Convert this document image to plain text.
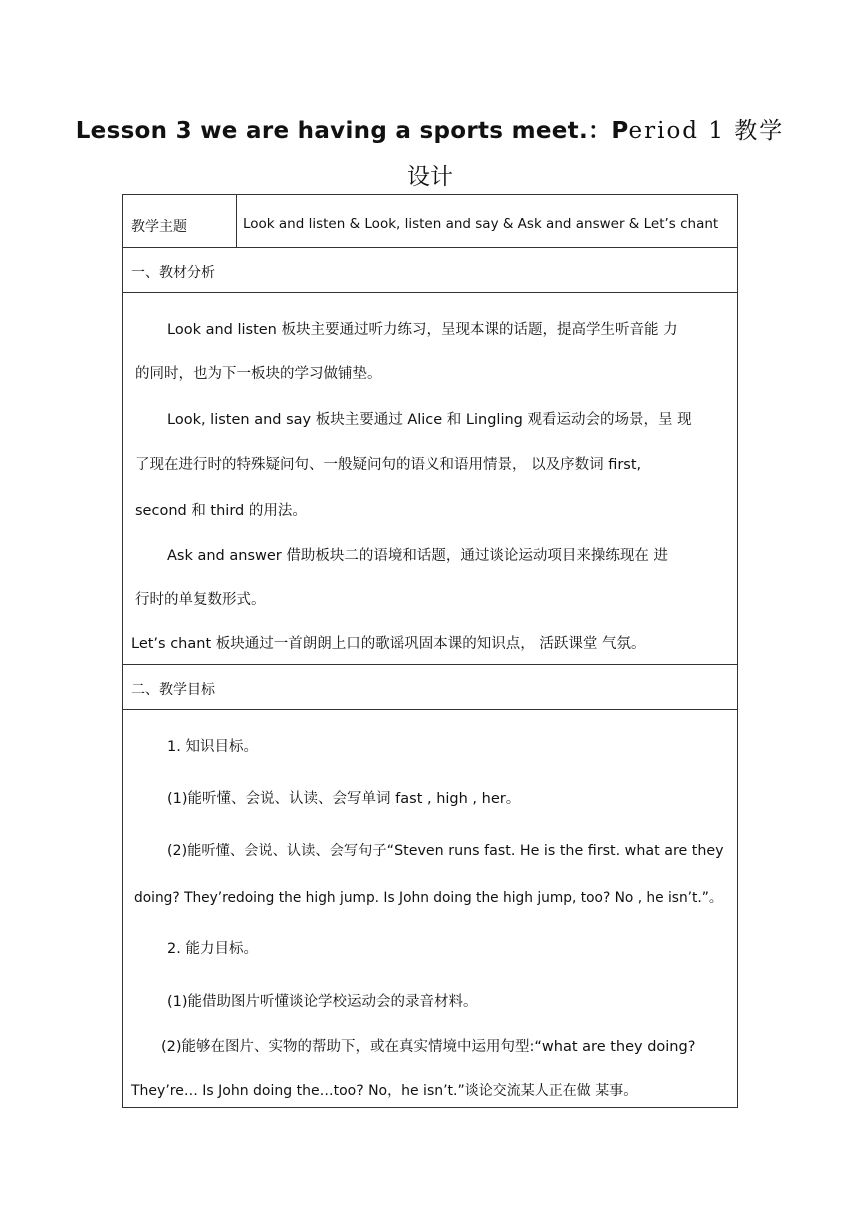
Lesson 3 we are having a sports meet.：Period 1 教学
设计
教学主题	Look and listen & Look, listen and say & Ask and answer & Let’s chant
一、教材分析
Look and listen 板块主要通过听力练习，呈现本课的话题，提高学生听音能 力
的同时，也为下一板块的学习做铺垫。
Look, listen and say 板块主要通过 Alice 和 Lingling 观看运动会的场景，呈 现
了现在进行时的特殊疑问句、一般疑问句的语义和语用情景， 以及序数词 first,
second 和 third 的用法。
Ask and answer 借助板块二的语境和话题，通过谈论运动项目来操练现在 进
行时的单复数形式。
Let’s chant 板块通过一首朗朗上口的歌谣巩固本课的知识点， 活跃课堂 气氛。
二、教学目标
1. 知识目标。
(1)能听懂、会说、认读、会写单词 fast , high , her。
(2)能听懂、会说、认读、会写句子“Steven runs fast. He is the first. what are they
doing? They’redoing the high jump. Is John doing the high jump, too? No , he isn’t.”。
2. 能力目标。
(1)能借助图片听懂谈论学校运动会的录音材料。
(2)能够在图片、实物的帮助下，或在真实情境中运用句型:“what are they doing?
They’re… Is John doing the…too? No，he isn’t.”谈论交流某人正在做 某事。
